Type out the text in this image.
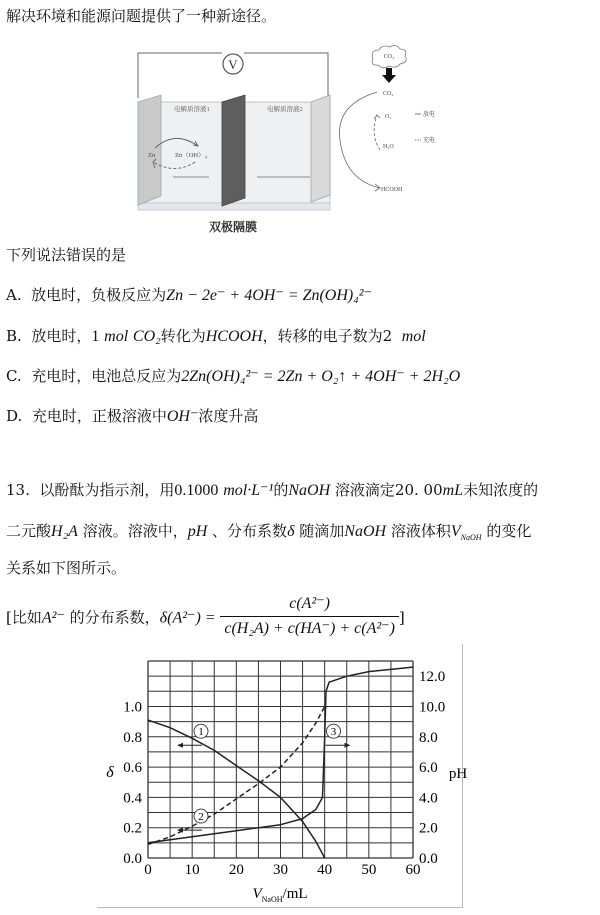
解决环境和能源问题提供了一种新途径。
V
电解质溶液1	电解质溶液2
Zn	Zn（OH）₄
双极隔膜
CO₂
CO₂
O₂
H₂O
HCOOH
放电
充电
下列说法错误的是
A. 放电时，负极反应为Zn − 2e⁻ + 4OH⁻ = Zn(OH)₄²⁻
B. 放电时，1 mol CO₂转化为HCOOH，转移的电子数为2 mol
C. 充电时，电池总反应为2Zn(OH)₄²⁻ = 2Zn + O₂↑ + 4OH⁻ + 2H₂O
D. 充电时，正极溶液中OH⁻浓度升高
13. 以酚酞为指示剂，用0.1000 mol·L⁻¹的NaOH 溶液滴定20. 00mL未知浓度的
二元酸H₂A 溶液。溶液中，pH 、分布系数δ 随滴加NaOH 溶液体积$V_{NaOH}$ 的变化
关系如下图所示。
[比如A²⁻ 的分布系数，$\delta(A^{2-}) = \frac{\text{c(A²⁻)}}{\text{c(H₂A) + c(HA⁻) + c(A²⁻)}}$ ]
0 10 20 30 40 50 60
0.0
0.2
0.4
0.6
0.8
1.0
0.0
2.0
4.0
6.0
8.0
10.0
12.0
1
2
3
$V_{NaOH}/mL$
δ	pH
